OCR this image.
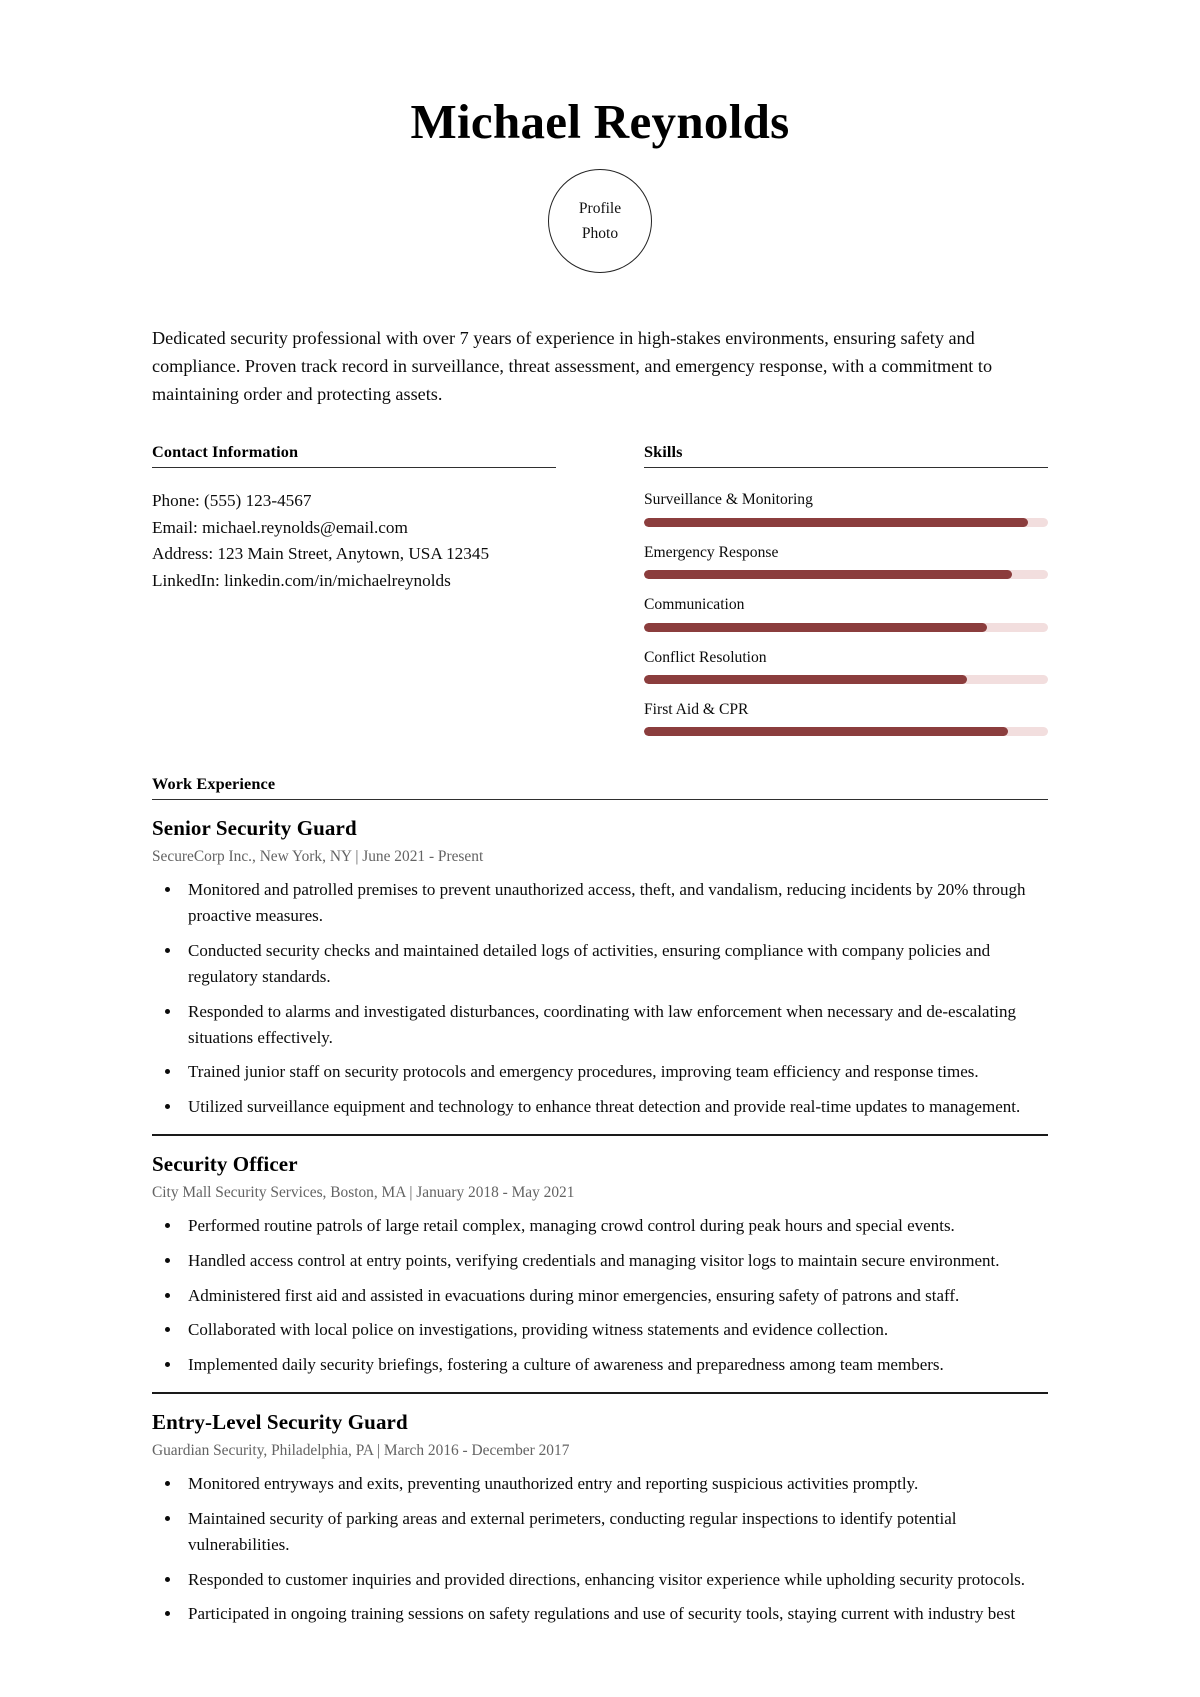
Michael Reynolds
Profile
Photo

Dedicated security professional with over 7 years of experience in high-stakes environments, ensuring safety and compliance. Proven track record in surveillance, threat assessment, and emergency response, with a commitment to maintaining order and protecting assets.

Contact Information
Phone: (555) 123-4567
Email: michael.reynolds@email.com
Address: 123 Main Street, Anytown, USA 12345
LinkedIn: linkedin.com/in/michaelreynolds
Skills
Surveillance & Monitoring
Emergency Response
Communication
Conflict Resolution
First Aid & CPR
Work Experience
Senior Security Guard
SecureCorp Inc., New York, NY | June 2021 - Present
• Monitored and patrolled premises to prevent unauthorized access, theft, and vandalism, reducing incidents by 20% through proactive measures.
• Conducted security checks and maintained detailed logs of activities, ensuring compliance with company policies and regulatory standards.
• Responded to alarms and investigated disturbances, coordinating with law enforcement when necessary and de-escalating situations effectively.
• Trained junior staff on security protocols and emergency procedures, improving team efficiency and response times.
• Utilized surveillance equipment and technology to enhance threat detection and provide real-time updates to management.
Security Officer
City Mall Security Services, Boston, MA | January 2018 - May 2021
• Performed routine patrols of large retail complex, managing crowd control during peak hours and special events.
• Handled access control at entry points, verifying credentials and managing visitor logs to maintain secure environment.
• Administered first aid and assisted in evacuations during minor emergencies, ensuring safety of patrons and staff.
• Collaborated with local police on investigations, providing witness statements and evidence collection.
• Implemented daily security briefings, fostering a culture of awareness and preparedness among team members.
Entry-Level Security Guard
Guardian Security, Philadelphia, PA | March 2016 - December 2017
• Monitored entryways and exits, preventing unauthorized entry and reporting suspicious activities promptly.
• Maintained security of parking areas and external perimeters, conducting regular inspections to identify potential vulnerabilities.
• Responded to customer inquiries and provided directions, enhancing visitor experience while upholding security protocols.
• Participated in ongoing training sessions on safety regulations and use of security tools, staying current with industry best
